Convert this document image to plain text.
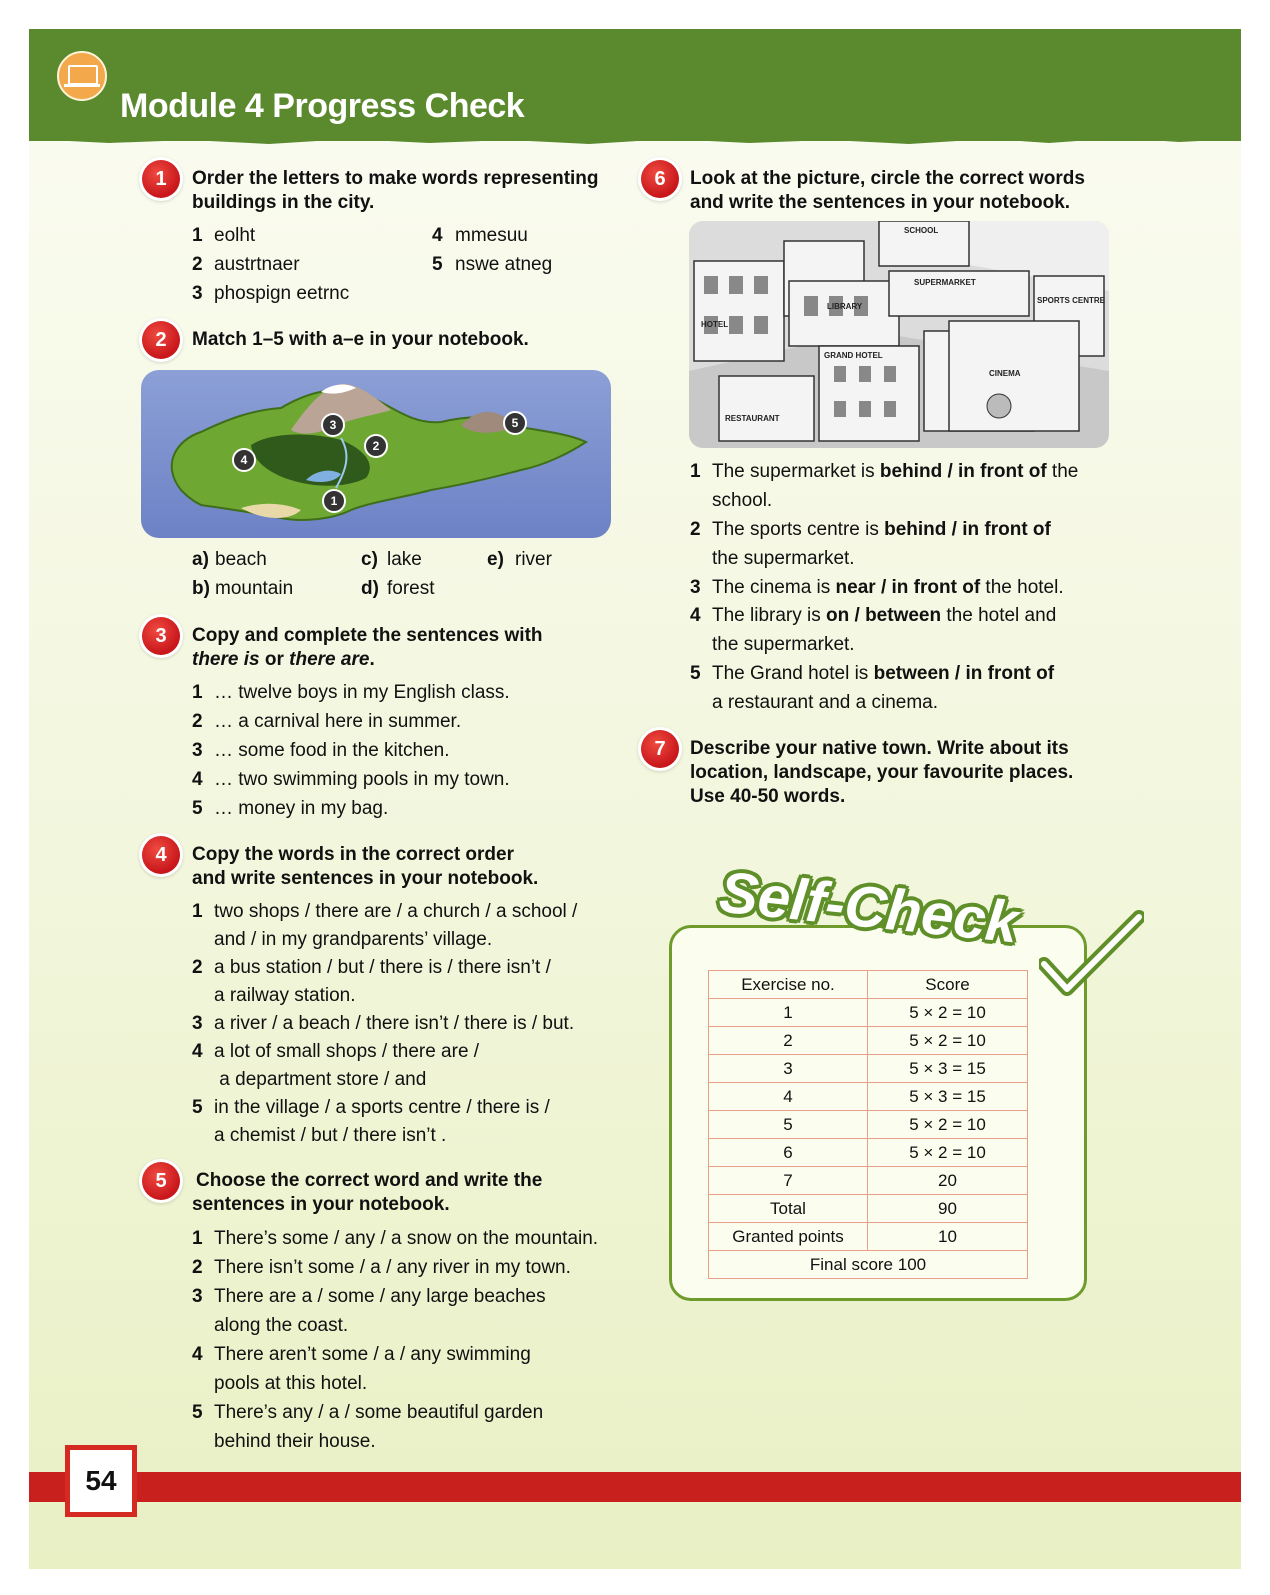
Module 4 Progress Check
1	Order the letters to make words representing buildings in the city.
1 eolht
2 austrtnaer
3 phospign eetrnc
4 mmesuu
5 nswe atneg
2	Match 1–5 with a–e in your notebook.
1
2
3
4
5
a) beach
b) mountain
c) lake
d) forest
e) river
3	Copy and complete the sentences with
there is or there are.
1 … twelve boys in my English class.
2 … a carnival here in summer.
3 … some food in the kitchen.
4 … two swimming pools in my town.
5 … money in my bag.
4	Copy the words in the correct order
and write sentences in your notebook.
1 two shops / there are / a church / a school /
and / in my grandparents’ village.
2 a bus station / but / there is / there isn’t /
a railway station.
3 a river / a beach / there isn’t / there is / but.
4 a lot of small shops / there are /
a department store / and
5 in the village / a sports centre / there is /
a chemist / but / there isn’t .
5	Choose the correct word and write the
sentences in your notebook.
1 There’s some / any / a snow on the mountain.
2 There isn’t some / a / any river in my town.
3 There are a / some / any large beaches
along the coast.
4 There aren’t some / a / any swimming
pools at this hotel.
5 There’s any / a / some beautiful garden
behind their house.
6	Look at the picture, circle the correct words
and write the sentences in your notebook.
SCHOOL
HOTEL
LIBRARY
SUPERMARKET
SPORTS CENTRE
GRAND HOTEL
RESTAURANT
CINEMA
1 The supermarket is behind / in front of the
school.
2 The sports centre is behind / in front of
the supermarket.
3 The cinema is near / in front of the hotel.
4 The library is on / between the hotel and
the supermarket.
5 The Grand hotel is between / in front of
a restaurant and a cinema.
7	Describe your native town. Write about its
location, landscape, your favourite places.
Use 40-50 words.
Self-Check
Exercise no.	Score
1	5 × 2 = 10
2	5 × 2 = 10
3	5 × 3 = 15
4	5 × 3 = 15
5	5 × 2 = 10
6	5 × 2 = 10
7	20
Total	90
Granted points	10
Final score 100	
54
